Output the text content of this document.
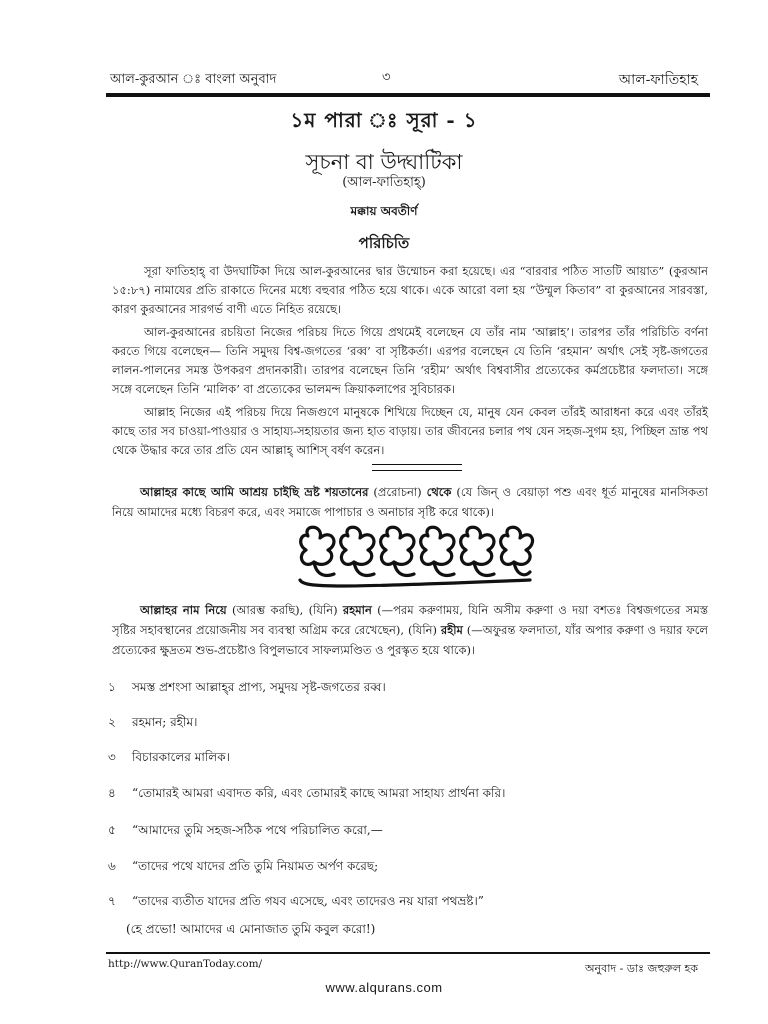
আল-কুরআন ঃ বাংলা অনুবাদ	৩	আল-ফাতিহাহ
১ম পারা ঃ সূরা - ১
সূচনা বা উদ্ঘাটিকা
(আল-ফাতিহাহ্‌)
মক্কায় অবতীর্ণ
পরিচিতি

সূরা ফাতিহাহ্‌ বা উদঘাটিকা দিয়ে আল-কুরআনের দ্বার উম্মোচন করা হয়েছে। এর “বারবার পঠিত সাতটি আয়াত” (কুরআন ১৫:৮৭) নামাযের প্রতি রাকাতে দিনের মধ্যে বহুবার পঠিত হয়ে থাকে। একে আরো বলা হয় “উম্মুল কিতাব” বা কুরআনের সারবস্তা, কারণ কুরআনের সারগর্ভ বাণী এতে নিহিত রয়েছে।

আল-কুরআনের রচয়িতা নিজের পরিচয় দিতে গিয়ে প্রথমেই বলেছেন যে তাঁর নাম ‘আল্লাহ’। তারপর তাঁর পরিচিতি বর্ণনা করতে গিয়ে বলেছেন— তিনি সমুদয় বিশ্ব-জগতের ‘রব্ব’ বা সৃষ্টিকর্তা। এরপর বলেছেন যে তিনি ‘রহমান’ অর্থাৎ সেই সৃষ্ট-জগতের লালন-পালনের সমস্ত উপকরণ প্রদানকারী। তারপর বলেছেন তিনি ‘রহীম’ অর্থাৎ বিশ্ববাসীর প্রত্যেকের কর্মপ্রচেষ্টার ফলদাতা। সঙ্গে সঙ্গে বলেছেন তিনি ‘মালিক’ বা প্রত্যেকের ভালমন্দ ক্রিয়াকলাপের সুবিচারক।

আল্লাহ নিজের এই পরিচয় দিয়ে নিজগুণে মানুষকে শিখিয়ে দিচ্ছেন যে, মানুষ যেন কেবল তাঁরই আরাধনা করে এবং তাঁরই কাছে তার সব চাওয়া-পাওয়ার ও সাহায্য-সহায়তার জন্য হাত বাড়ায়। তার জীবনের চলার পথ যেন সহজ-সুগম হয়, পিচ্ছিল ভ্রান্ত পথ থেকে উদ্ধার করে তার প্রতি যেন আল্লাহ্‌ আশিস্‌ বর্ষণ করেন।

আল্লাহর কাছে আমি আশ্রয় চাইছি ভ্রষ্ট শয়তানের (প্ররোচনা) থেকে (যে জিন্‌ ও বেয়াড়া পশু এবং ধূর্ত মানুষের মানসিকতা নিয়ে আমাদের মধ্যে বিচরণ করে, এবং সমাজে পাপাচার ও অনাচার সৃষ্টি করে থাকে)।
আল্লাহর নাম নিয়ে (আরম্ভ করছি), (যিনি) রহমান (—পরম করুণাময়, যিনি অসীম করুণা ও দয়া বশতঃ বিশ্বজগতের সমস্ত সৃষ্টির সহাবস্থানের প্রয়োজনীয় সব ব্যবস্থা অগ্রিম করে রেখেছেন), (যিনি) রহীম (—অফুরন্ত ফলদাতা, যাঁর অপার করুণা ও দয়ার ফলে প্রত্যেকের ক্ষুদ্রতম শুভ-প্রচেষ্টাও বিপুলভাবে সাফল্যমণ্ডিত ও পুরস্কৃত হয়ে থাকে)।
১ সমস্ত প্রশংসা আল্লাহ্‌র প্রাপ্য, সমুদয় সৃষ্ট-জগতের রব্ব।
২ রহমান; রহীম।
৩ বিচারকালের মালিক।
৪ “তোমারই আমরা এবাদত করি, এবং তোমারই কাছে আমরা সাহায্য প্রার্থনা করি।
৫ “আমাদের তুমি সহজ-সঠিক পথে পরিচালিত করো,—
৬ “তাদের পথে যাদের প্রতি তুমি নিয়ামত অর্পণ করেছ;
৭ “তাদের ব্যতীত যাদের প্রতি গযব এসেছে, এবং তাদেরও নয় যারা পথভ্রষ্ট।”
(হে প্রভো! আমাদের এ মোনাজাত তুমি কবুল করো!)
http://www.QuranToday.com/	অনুবাদ - ডাঃ জহুরুল হক
www.alqurans.com
